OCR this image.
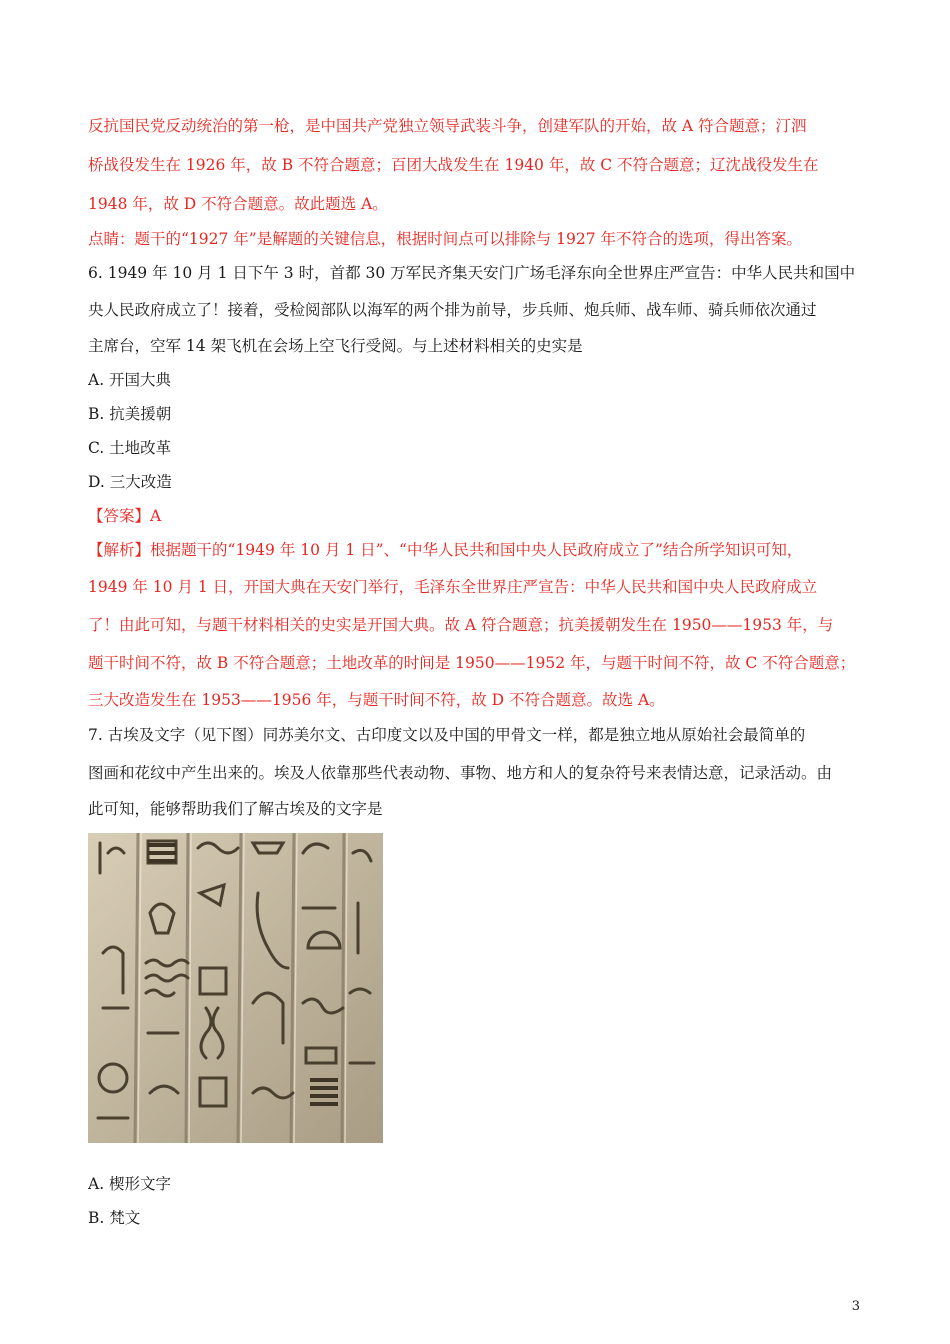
反抗国民党反动统治的第一枪，是中国共产党独立领导武装斗争，创建军队的开始，故 A 符合题意；汀泗
桥战役发生在 1926 年，故 B 不符合题意；百团大战发生在 1940 年，故 C 不符合题意；辽沈战役发生在
1948 年，故 D 不符合题意。故此题选 A。
点睛：题干的“1927 年”是解题的关键信息，根据时间点可以排除与 1927 年不符合的选项，得出答案。
6. 1949 年 10 月 1 日下午 3 时，首都 30 万军民齐集天安门广场毛泽东向全世界庄严宣告：中华人民共和国中
央人民政府成立了！接着，受检阅部队以海军的两个排为前导，步兵师、炮兵师、战车师、骑兵师依次通过
主席台，空军 14 架飞机在会场上空飞行受阅。与上述材料相关的史实是
A. 开国大典
B. 抗美援朝
C. 土地改革
D. 三大改造
【答案】A
【解析】根据题干的“1949 年 10 月 1 日”、“中华人民共和国中央人民政府成立了”结合所学知识可知，
1949 年 10 月 1 日，开国大典在天安门举行，毛泽东全世界庄严宣告：中华人民共和国中央人民政府成立
了！由此可知，与题干材料相关的史实是开国大典。故 A 符合题意；抗美援朝发生在 1950——1953 年，与
题干时间不符，故 B 不符合题意；土地改革的时间是 1950——1952 年，与题干时间不符，故 C 不符合题意；
三大改造发生在 1953——1956 年，与题干时间不符，故 D 不符合题意。故选 A。
7. 古埃及文字（见下图）同苏美尔文、古印度文以及中国的甲骨文一样，都是独立地从原始社会最简单的
图画和花纹中产生出来的。埃及人依靠那些代表动物、事物、地方和人的复杂符号来表情达意，记录活动。由
此可知，能够帮助我们了解古埃及的文字是
A. 楔形文字
B. 梵文
3
